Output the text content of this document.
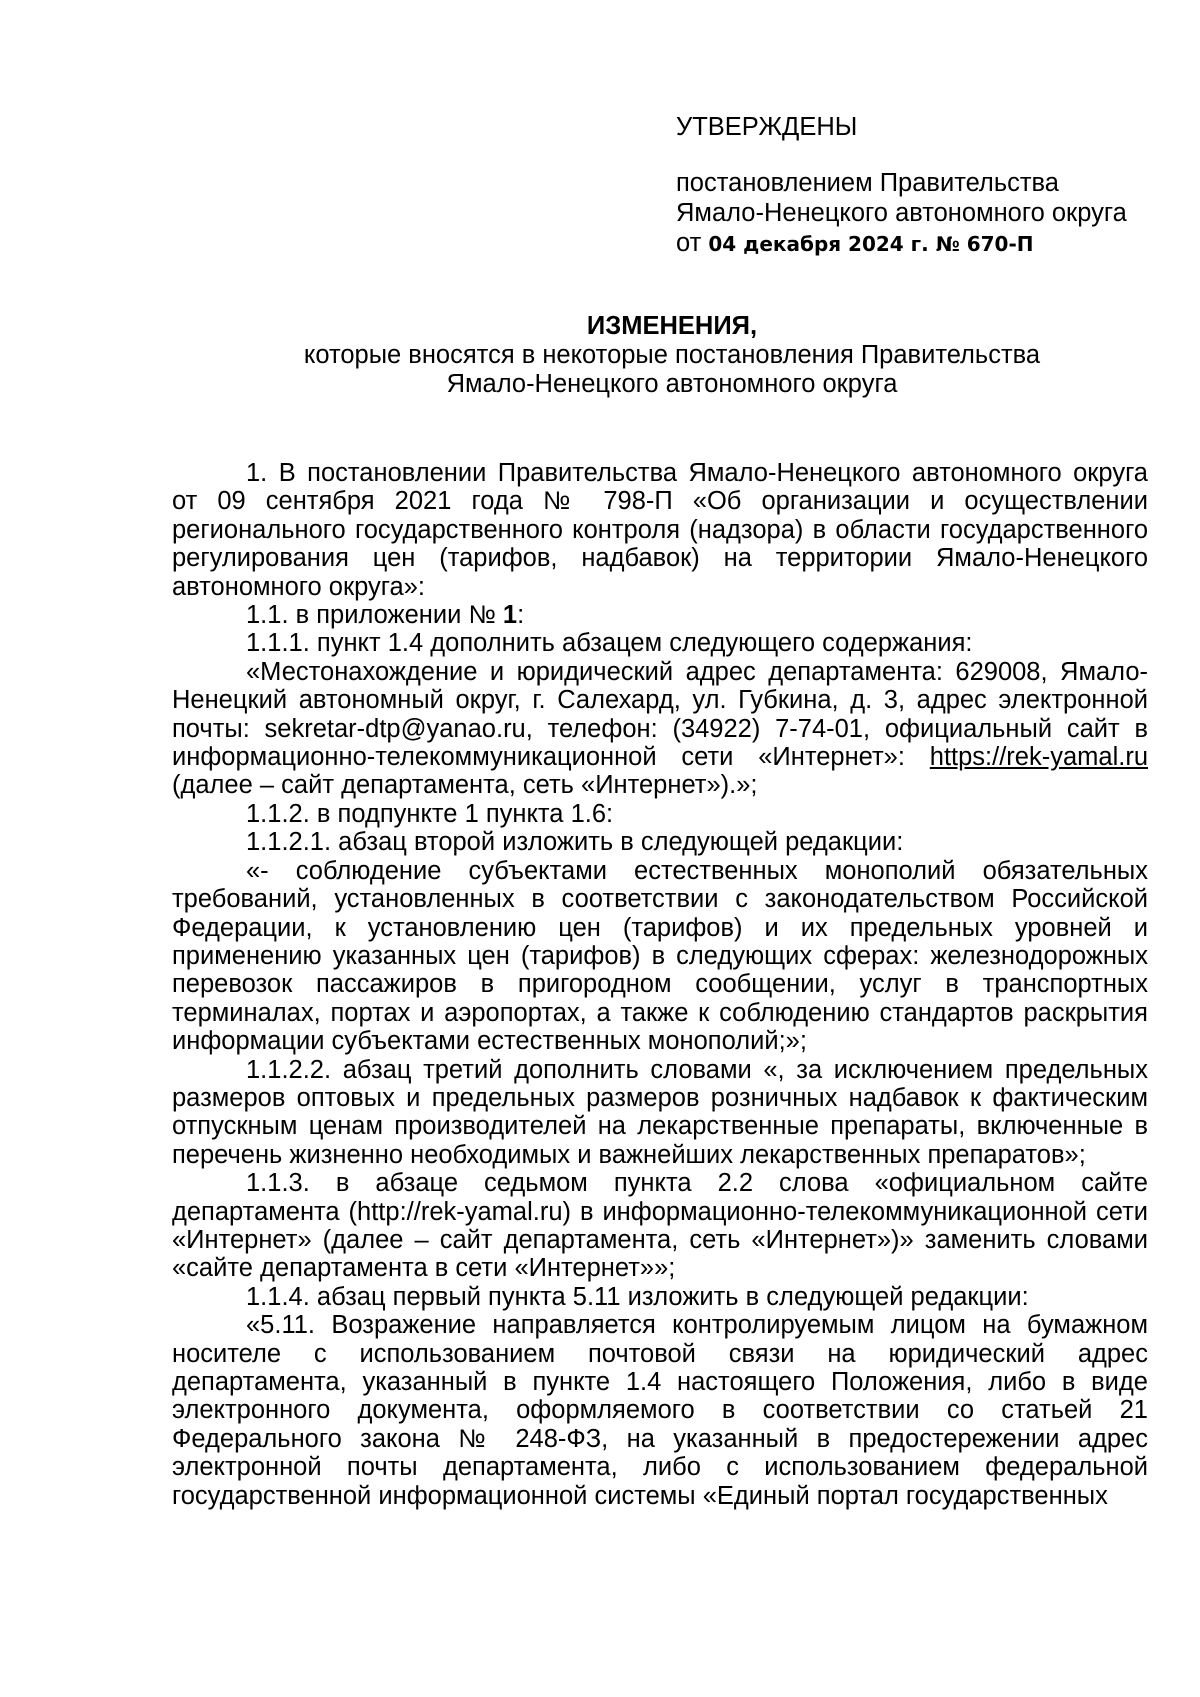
УТВЕРЖДЕНЫ

постановлением Правительства

Ямало-Ненецкого автономного округа

от 04 декабря 2024 г. № 670-П

ИЗМЕНЕНИЯ,

которые вносятся в некоторые постановления Правительства

Ямало-Ненецкого автономного округа

1. В постановлении Правительства Ямало-Ненецкого автономного округа от 09 сентября 2021 года № 798-П «Об организации и осуществлении регионального государственного контроля (надзора) в области государственного регулирования цен (тарифов, надбавок) на территории Ямало-Ненецкого автономного округа»:

1.1. в приложении № 1:

1.1.1. пункт 1.4 дополнить абзацем следующего содержания:

«Местонахождение и юридический адрес департамента: 629008, Ямало-Ненецкий автономный округ, г. Салехард, ул. Губкина, д. 3, адрес электронной почты: sekretar-dtp@yanao.ru, телефон: (34922) 7-74-01, официальный сайт в информационно-телекоммуникационной сети «Интернет»: https://rek-yamal.ru (далее – сайт департамента, сеть «Интернет»).»;

1.1.2. в подпункте 1 пункта 1.6:

1.1.2.1. абзац второй изложить в следующей редакции:

«- соблюдение субъектами естественных монополий обязательных требований, установленных в соответствии с законодательством Российской Федерации, к установлению цен (тарифов) и их предельных уровней и применению указанных цен (тарифов) в следующих сферах: железнодорожных перевозок пассажиров в пригородном сообщении, услуг в транспортных терминалах, портах и аэропортах, а также к соблюдению стандартов раскрытия информации субъектами естественных монополий;»;

1.1.2.2. абзац третий дополнить словами «, за исключением предельных размеров оптовых и предельных размеров розничных надбавок к фактическим отпускным ценам производителей на лекарственные препараты, включенные в перечень жизненно необходимых и важнейших лекарственных препаратов»;

1.1.3. в абзаце седьмом пункта 2.2 слова «официальном сайте департамента (http://rek-yamal.ru) в информационно-телекоммуникационной сети «Интернет» (далее – сайт департамента, сеть «Интернет»)» заменить словами «сайте департамента в сети «Интернет»»;

1.1.4. абзац первый пункта 5.11 изложить в следующей редакции:

«5.11. Возражение направляется контролируемым лицом на бумажном носителе с использованием почтовой связи на юридический адрес департамента, указанный в пункте 1.4 настоящего Положения, либо в виде электронного документа, оформляемого в соответствии со статьей 21 Федерального закона № 248-ФЗ, на указанный в предостережении адрес электронной почты департамента, либо с использованием федеральной государственной информационной системы «Единый портал государственных
